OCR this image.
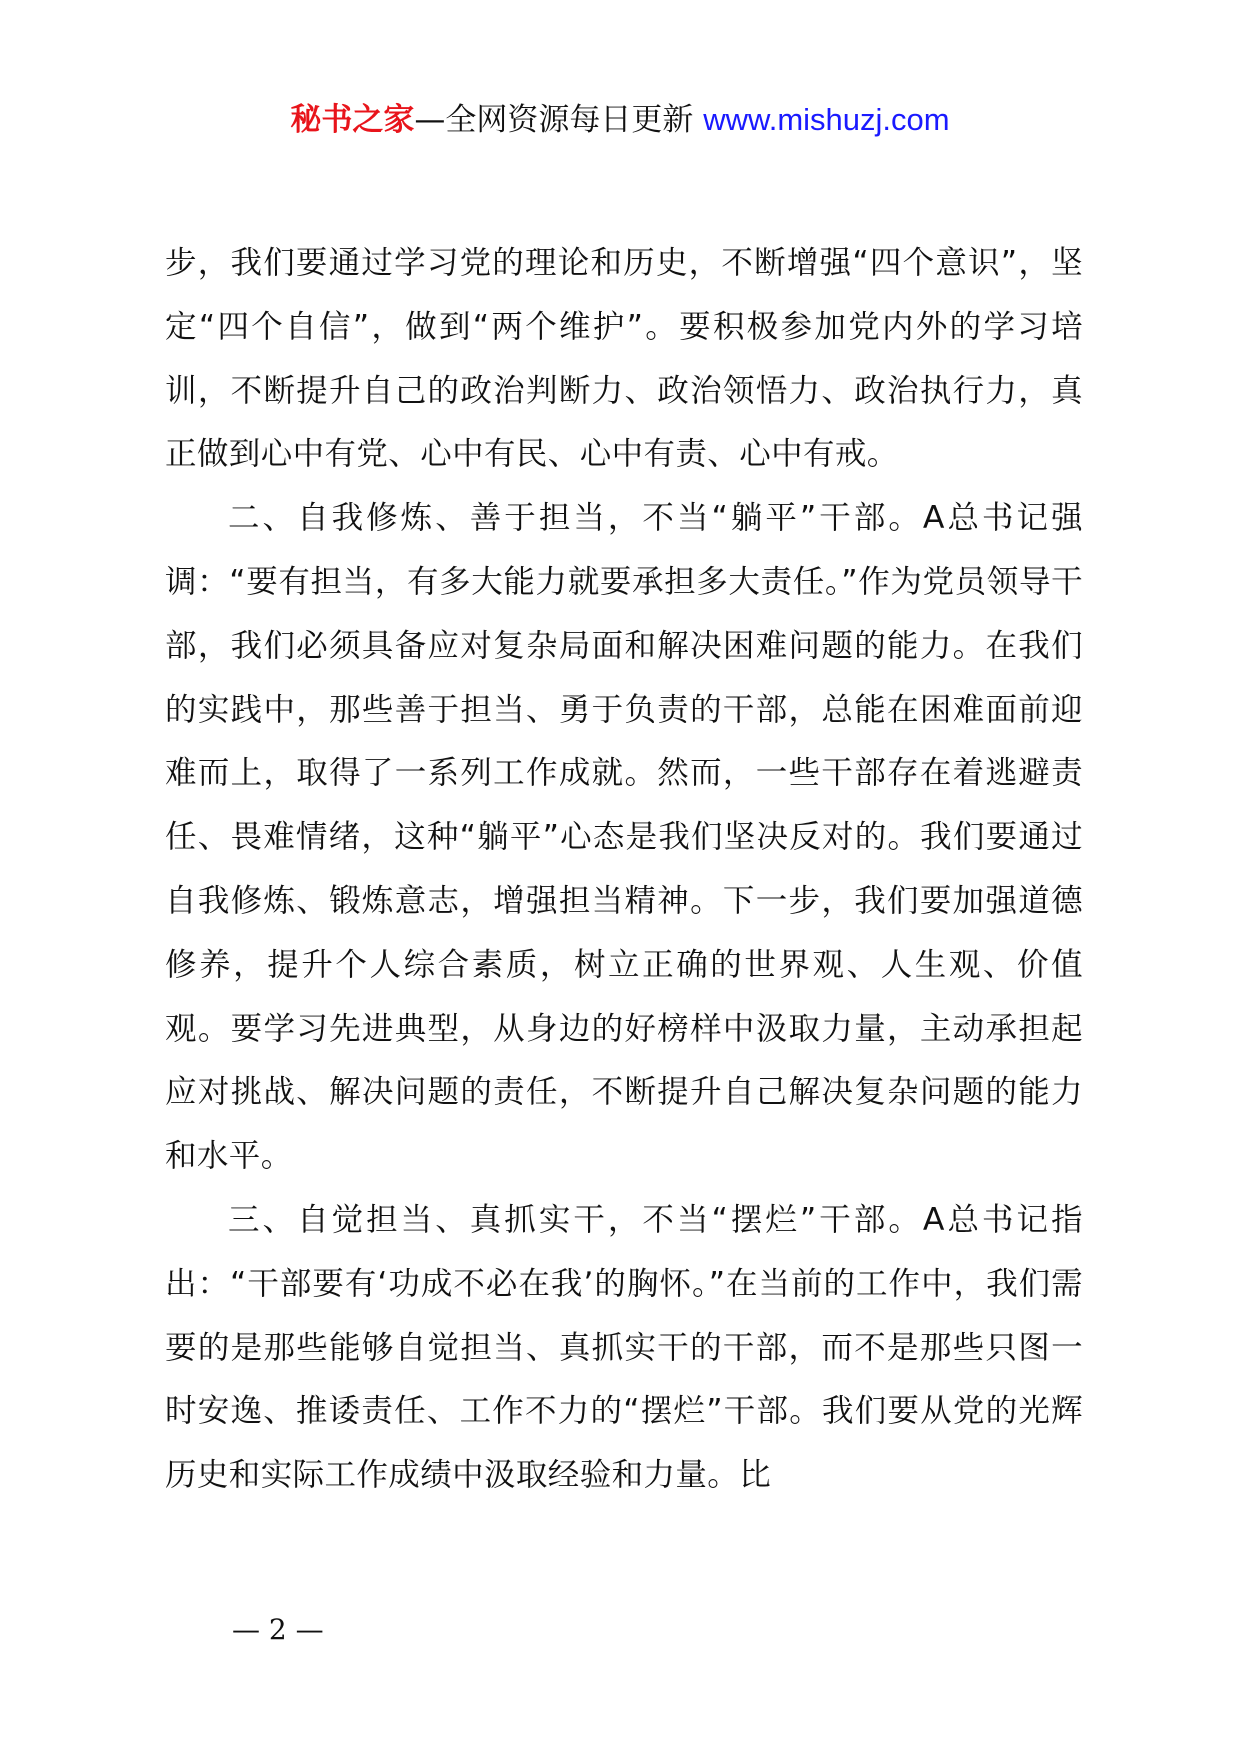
秘书之家—全网资源每日更新 www.mishuzj.com

步，我们要通过学习党的理论和历史，不断增强“四个意识”，坚定“四个自信”，做到“两个维护”。要积极参加党内外的学习培训，不断提升自己的政治判断力、政治领悟力、政治执行力，真正做到心中有党、心中有民、心中有责、心中有戒。

二、自我修炼、善于担当，不当“躺平”干部。A总书记强调：“要有担当，有多大能力就要承担多大责任。”作为党员领导干部，我们必须具备应对复杂局面和解决困难问题的能力。在我们的实践中，那些善于担当、勇于负责的干部，总能在困难面前迎难而上，取得了一系列工作成就。然而，一些干部存在着逃避责任、畏难情绪，这种“躺平”心态是我们坚决反对的。我们要通过自我修炼、锻炼意志，增强担当精神。下一步，我们要加强道德修养，提升个人综合素质，树立正确的世界观、人生观、价值观。要学习先进典型，从身边的好榜样中汲取力量，主动承担起应对挑战、解决问题的责任，不断提升自己解决复杂问题的能力和水平。

三、自觉担当、真抓实干，不当“摆烂”干部。A总书记指出：“干部要有‘功成不必在我’的胸怀。”在当前的工作中，我们需要的是那些能够自觉担当、真抓实干的干部，而不是那些只图一时安逸、推诿责任、工作不力的“摆烂”干部。我们要从党的光辉历史和实际工作成绩中汲取经验和力量。比

— 2 —
